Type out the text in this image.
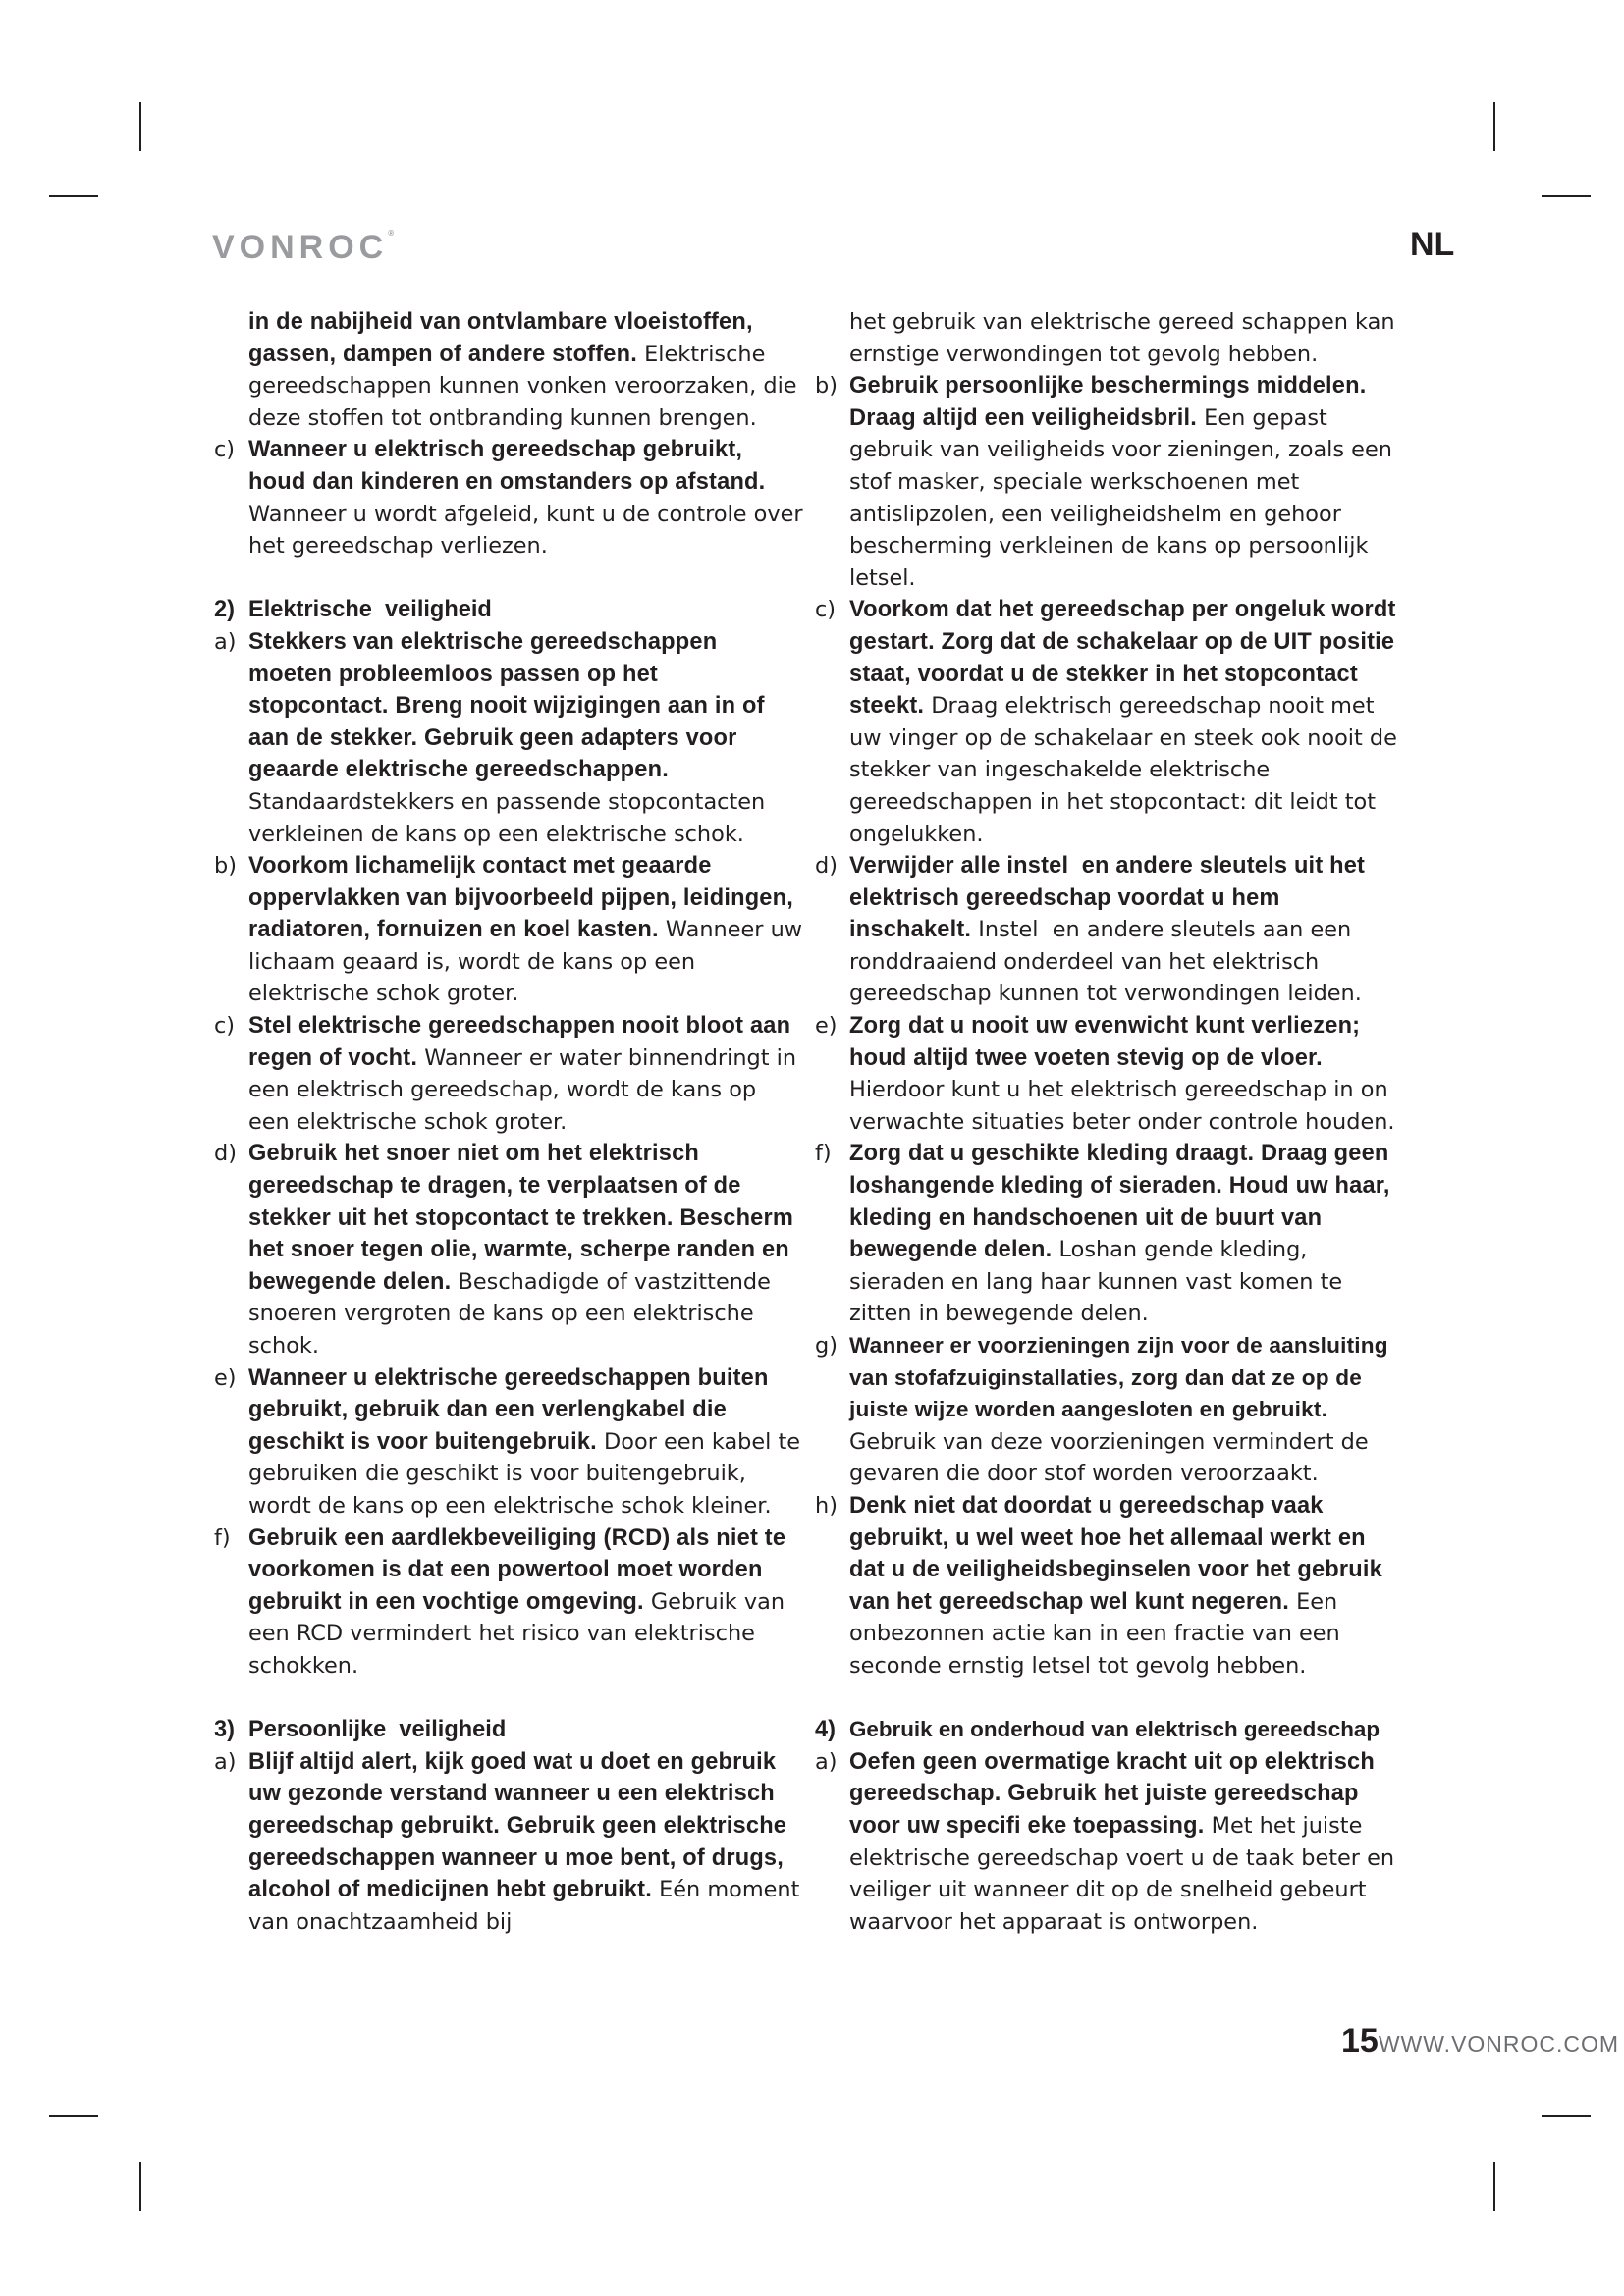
VONROC®	NL
in de nabijheid van ontvlambare vloeistoffen, gassen, dampen of andere stoffen. Elektrische gereedschappen kunnen vonken veroorzaken, die deze stoffen tot ontbranding kunnen brengen.
c) Wanneer u elektrisch gereedschap gebruikt, houd dan kinderen en omstanders op afstand. Wanneer u wordt afgeleid, kunt u de controle over het gereedschap verliezen.
2) Elektrische  veiligheid
a) Stekkers van elektrische gereedschappen moeten probleemloos passen op het stopcontact. Breng nooit wijzigingen aan in of aan de stekker. Gebruik geen adapters voor geaarde elektrische gereedschappen. Standaardstekkers en passende stopcontacten verkleinen de kans op een elektrische schok.
b) Voorkom lichamelijk contact met geaarde oppervlakken van bijvoorbeeld pijpen, leidingen, radiatoren, fornuizen en koel kasten. Wanneer uw lichaam geaard is, wordt de kans op een elektrische schok groter.
c) Stel elektrische gereedschappen nooit bloot aan regen of vocht. Wanneer er water binnendringt in een elektrisch gereedschap, wordt de kans op een elektrische schok groter.
d) Gebruik het snoer niet om het elektrisch gereedschap te dragen, te verplaatsen of de stekker uit het stopcontact te trekken. Bescherm het snoer tegen olie, warmte, scherpe randen en bewegende delen. Beschadigde of vastzittende snoeren vergroten de kans op een elektrische schok.
e) Wanneer u elektrische gereedschappen buiten gebruikt, gebruik dan een verlengkabel die geschikt is voor buitengebruik. Door een kabel te gebruiken die geschikt is voor buitengebruik, wordt de kans op een elektrische schok kleiner.
f) Gebruik een aardlekbeveiliging (RCD) als niet te voorkomen is dat een powertool moet worden gebruikt in een vochtige omgeving. Gebruik van een RCD vermindert het risico van elektrische schokken.
3) Persoonlijke  veiligheid
a) Blijf altijd alert, kijk goed wat u doet en gebruik uw gezonde verstand wanneer u een elektrisch gereedschap gebruikt. Gebruik geen elektrische gereedschappen wanneer u moe bent, of drugs, alcohol of medicijnen hebt gebruikt. Eén moment van onachtzaamheid bij
het gebruik van elektrische gereed schappen kan ernstige verwondingen tot gevolg hebben.
b) Gebruik persoonlijke beschermings middelen. Draag altijd een veiligheidsbril. Een gepast gebruik van veiligheids voor zieningen, zoals een stof masker, speciale werkschoenen met antislipzolen, een veiligheidshelm en gehoor bescherming verkleinen de kans op persoonlijk letsel.
c) Voorkom dat het gereedschap per ongeluk wordt gestart. Zorg dat de schakelaar op de UIT positie staat, voordat u de stekker in het stopcontact steekt. Draag elektrisch gereedschap nooit met uw vinger op de schakelaar en steek ook nooit de stekker van ingeschakelde elektrische gereedschappen in het stopcontact: dit leidt tot ongelukken.
d) Verwijder alle instel  en andere sleutels uit het elektrisch gereedschap voordat u hem inschakelt. Instel  en andere sleutels aan een ronddraaiend onderdeel van het elektrisch gereedschap kunnen tot verwondingen leiden.
e) Zorg dat u nooit uw evenwicht kunt verliezen; houd altijd twee voeten stevig op de vloer. Hierdoor kunt u het elektrisch gereedschap in on verwachte situaties beter onder controle houden.
f) Zorg dat u geschikte kleding draagt. Draag geen loshangende kleding of sieraden. Houd uw haar, kleding en handschoenen uit de buurt van bewegende delen. Loshan gende kleding, sieraden en lang haar kunnen vast komen te zitten in bewegende delen.
g) Wanneer er voorzieningen zijn voor de aansluiting van stofafzuiginstallaties, zorg dan dat ze op de juiste wijze worden aangesloten en gebruikt. Gebruik van deze voorzieningen vermindert de gevaren die door stof worden veroorzaakt.
h) Denk niet dat doordat u gereedschap vaak gebruikt, u wel weet hoe het allemaal werkt en dat u de veiligheidsbeginselen voor het gebruik van het gereedschap wel kunt negeren. Een onbezonnen actie kan in een fractie van een seconde ernstig letsel tot gevolg hebben.
4) Gebruik en onderhoud van elektrisch gereedschap
a) Oefen geen overmatige kracht uit op elektrisch gereedschap. Gebruik het juiste gereedschap voor uw specifi eke toepassing. Met het juiste elektrische gereedschap voert u de taak beter en veiliger uit wanneer dit op de snelheid gebeurt waarvoor het apparaat is ontworpen.
15WWW.VONROC.COM
